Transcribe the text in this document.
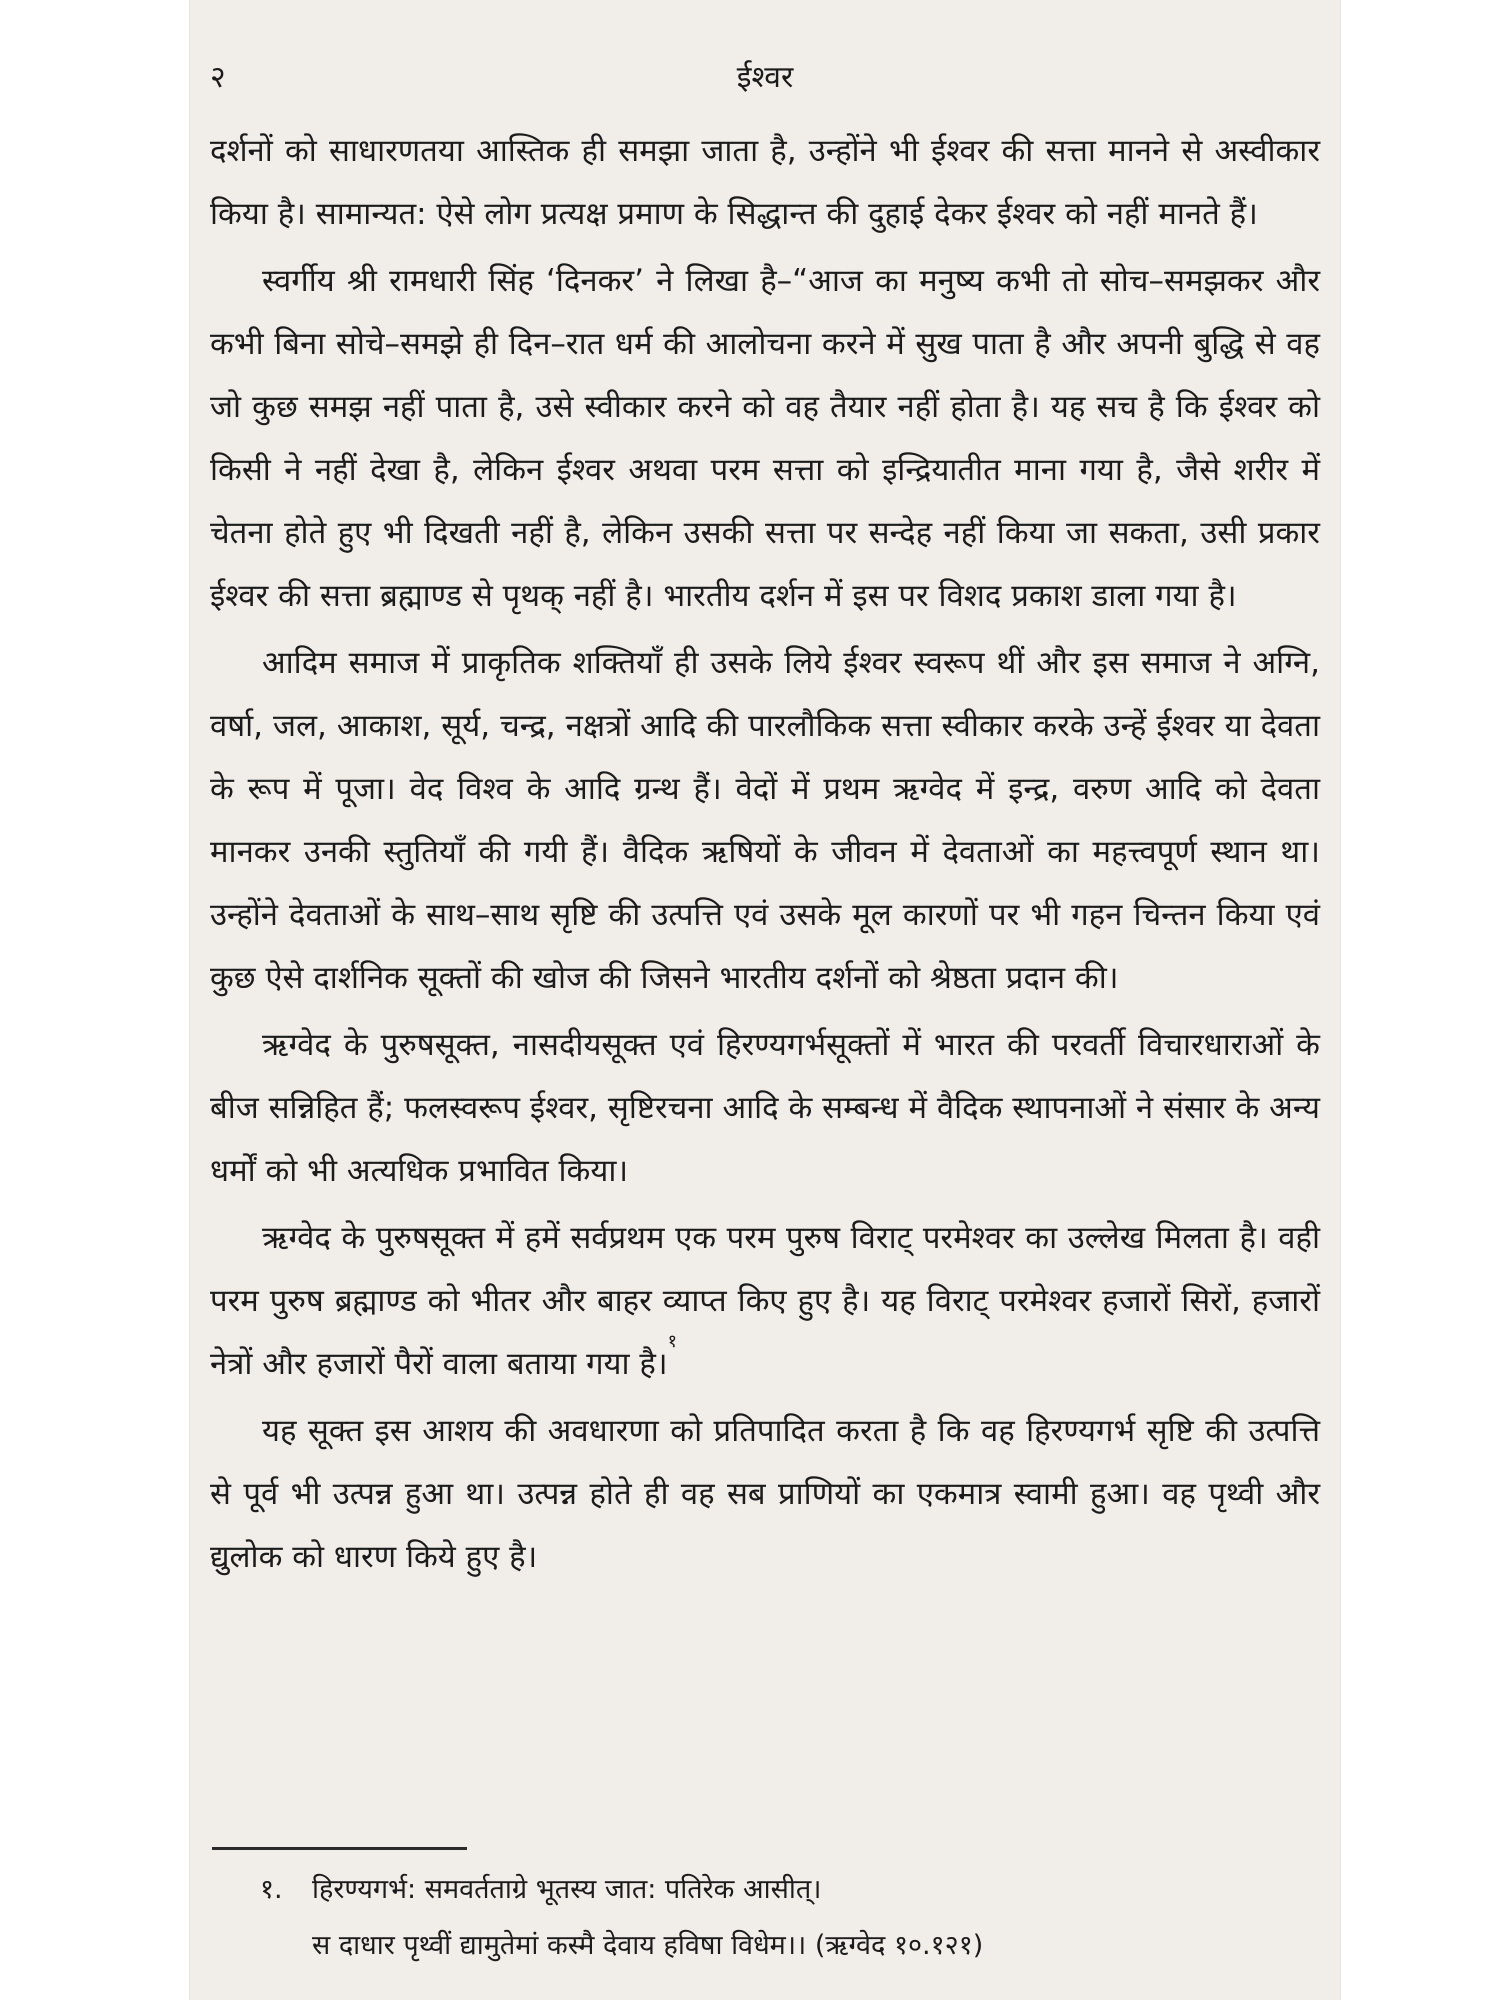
२	ईश्वर

दर्शनों को साधारणतया आस्तिक ही समझा जाता है, उन्होंने भी ईश्वर की सत्ता मानने से अस्वीकार किया है। सामान्यत: ऐसे लोग प्रत्यक्ष प्रमाण के सिद्धान्त की दुहाई देकर ईश्वर को नहीं मानते हैं।

स्वर्गीय श्री रामधारी सिंह ‘दिनकर’ ने लिखा है–“आज का मनुष्य कभी तो सोच–समझकर और कभी बिना सोचे–समझे ही दिन–रात धर्म की आलोचना करने में सुख पाता है और अपनी बुद्धि से वह जो कुछ समझ नहीं पाता है, उसे स्वीकार करने को वह तैयार नहीं होता है। यह सच है कि ईश्वर को किसी ने नहीं देखा है, लेकिन ईश्वर अथवा परम सत्ता को इन्द्रियातीत माना गया है, जैसे शरीर में चेतना होते हुए भी दिखती नहीं है, लेकिन उसकी सत्ता पर सन्देह नहीं किया जा सकता, उसी प्रकार ईश्वर की सत्ता ब्रह्माण्ड से पृथक् नहीं है। भारतीय दर्शन में इस पर विशद प्रकाश डाला गया है।

आदिम समाज में प्राकृतिक शक्तियाँ ही उसके लिये ईश्वर स्वरूप थीं और इस समाज ने अग्नि, वर्षा, जल, आकाश, सूर्य, चन्द्र, नक्षत्रों आदि की पारलौकिक सत्ता स्वीकार करके उन्हें ईश्वर या देवता के रूप में पूजा। वेद विश्व के आदि ग्रन्थ हैं। वेदों में प्रथम ऋग्वेद में इन्द्र, वरुण आदि को देवता मानकर उनकी स्तुतियाँ की गयी हैं। वैदिक ऋषियों के जीवन में देवताओं का महत्त्वपूर्ण स्थान था। उन्होंने देवताओं के साथ–साथ सृष्टि की उत्पत्ति एवं उसके मूल कारणों पर भी गहन चिन्तन किया एवं कुछ ऐसे दार्शनिक सूक्तों की खोज की जिसने भारतीय दर्शनों को श्रेष्ठता प्रदान की।

ऋग्वेद के पुरुषसूक्त, नासदीयसूक्त एवं हिरण्यगर्भसूक्तों में भारत की परवर्ती विचारधाराओं के बीज सन्निहित हैं; फलस्वरूप ईश्वर, सृष्टिरचना आदि के सम्बन्ध में वैदिक स्थापनाओं ने संसार के अन्य धर्मों को भी अत्यधिक प्रभावित किया।

ऋग्वेद के पुरुषसूक्त में हमें सर्वप्रथम एक परम पुरुष विराट् परमेश्वर का उल्लेख मिलता है। वही परम पुरुष ब्रह्माण्ड को भीतर और बाहर व्याप्त किए हुए है। यह विराट् परमेश्वर हजारों सिरों, हजारों नेत्रों और हजारों पैरों वाला बताया गया है।$^१$

यह सूक्त इस आशय की अवधारणा को प्रतिपादित करता है कि वह हिरण्यगर्भ सृष्टि की उत्पत्ति से पूर्व भी उत्पन्न हुआ था। उत्पन्न होते ही वह सब प्राणियों का एकमात्र स्वामी हुआ। वह पृथ्वी और द्युलोक को धारण किये हुए है।

१. हिरण्यगर्भ: समवर्तताग्रे भूतस्य जात: पतिरेक आसीत्।
स दाधार पृथ्वीं द्यामुतेमां कस्मै देवाय हविषा विधेम।। (ऋग्वेद १०.१२१)
